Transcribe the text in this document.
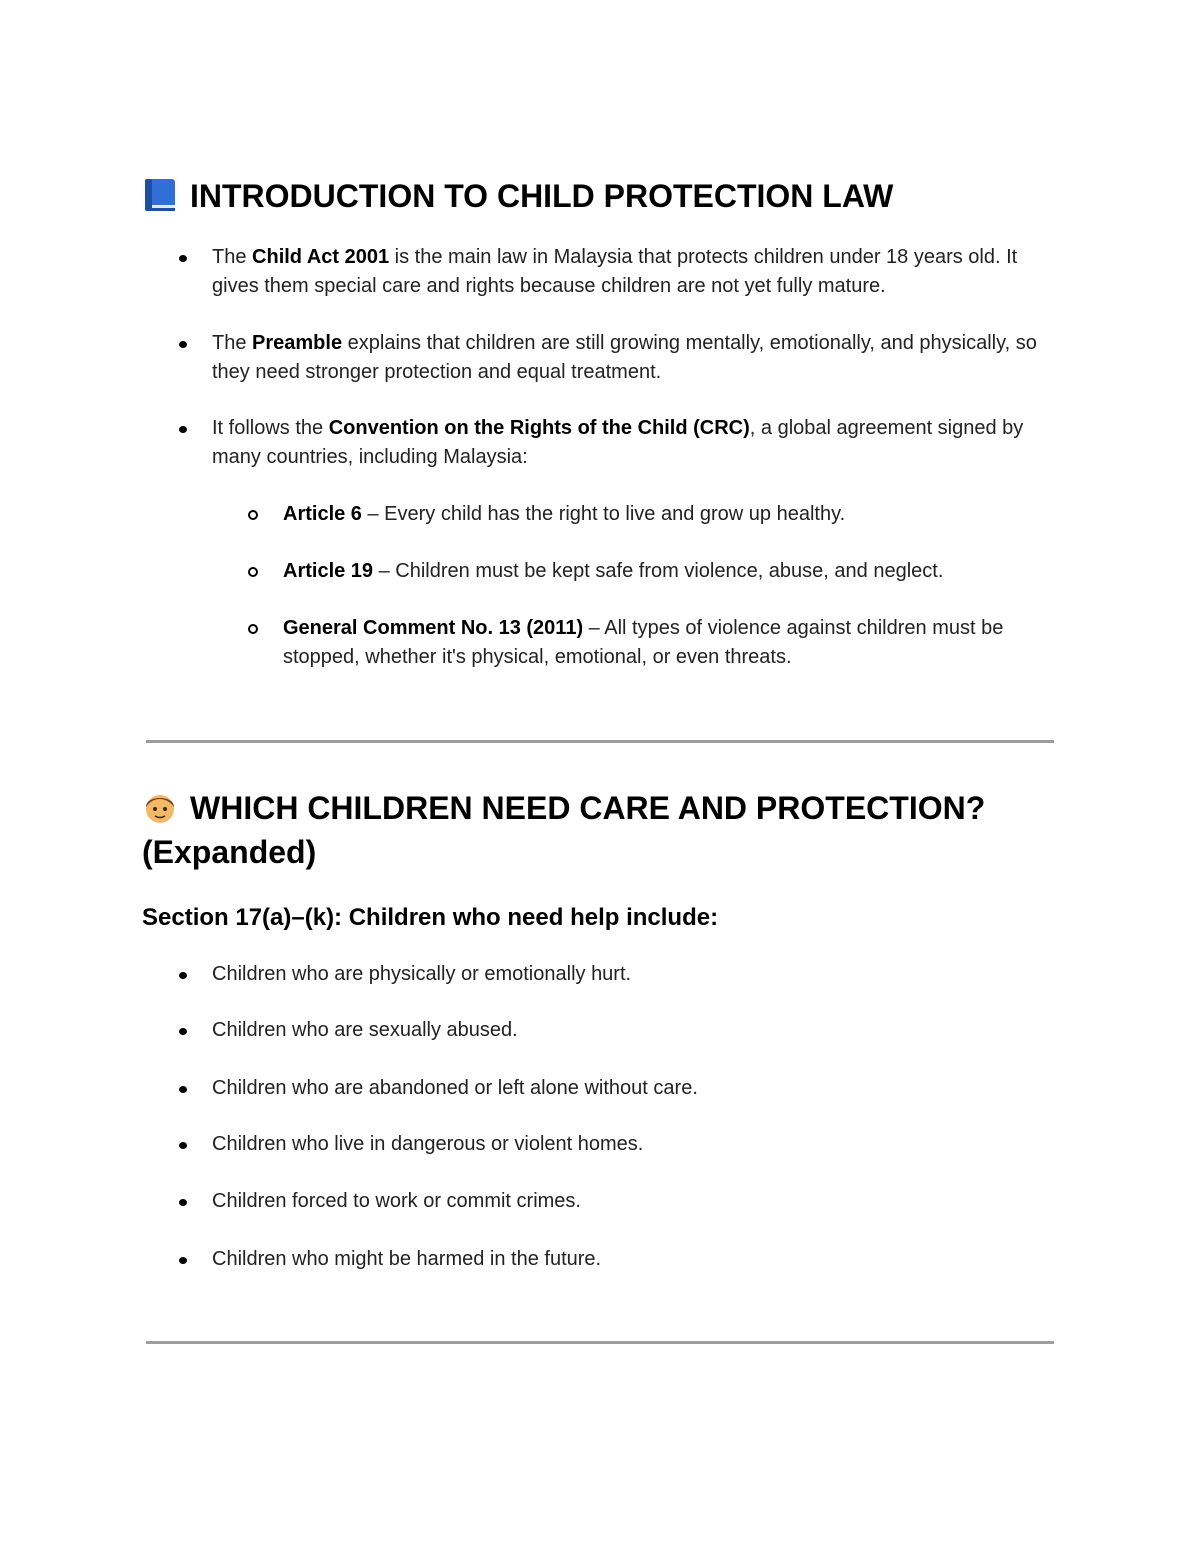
INTRODUCTION TO CHILD PROTECTION LAW
The Child Act 2001 is the main law in Malaysia that protects children under 18 years old. It gives them special care and rights because children are not yet fully mature.
The Preamble explains that children are still growing mentally, emotionally, and physically, so they need stronger protection and equal treatment.
It follows the Convention on the Rights of the Child (CRC), a global agreement signed by many countries, including Malaysia:
Article 6 – Every child has the right to live and grow up healthy.
Article 19 – Children must be kept safe from violence, abuse, and neglect.
General Comment No. 13 (2011) – All types of violence against children must be stopped, whether it's physical, emotional, or even threats.
WHICH CHILDREN NEED CARE AND PROTECTION?
(Expanded)
Section 17(a)–(k): Children who need help include:
Children who are physically or emotionally hurt.
Children who are sexually abused.
Children who are abandoned or left alone without care.
Children who live in dangerous or violent homes.
Children forced to work or commit crimes.
Children who might be harmed in the future.
